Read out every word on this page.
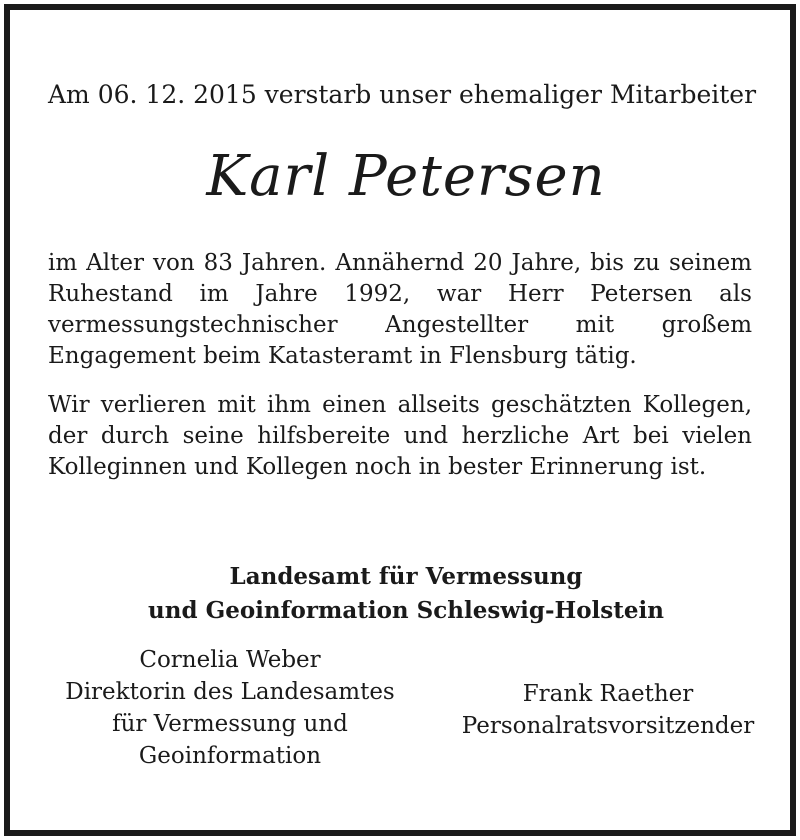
Am 06. 12. 2015 verstarb unser ehemaliger Mitarbeiter
Karl Petersen
im Alter von 83 Jahren. Annähernd 20 Jahre, bis zu seinem Ruhestand im Jahre 1992, war Herr Petersen als vermessungstechnischer Angestellter mit großem Engagement beim Katasteramt in Flensburg tätig.
Wir verlieren mit ihm einen allseits geschätzten Kollegen, der durch seine hilfsbereite und herzliche Art bei vielen Kolleginnen und Kollegen noch in bester Erinnerung ist.
Landesamt für Vermessung
und Geoinformation Schleswig-Holstein
Cornelia Weber
Direktorin des Landesamtes
für Vermessung und
Geoinformation
Frank Raether
Personalratsvorsitzender
